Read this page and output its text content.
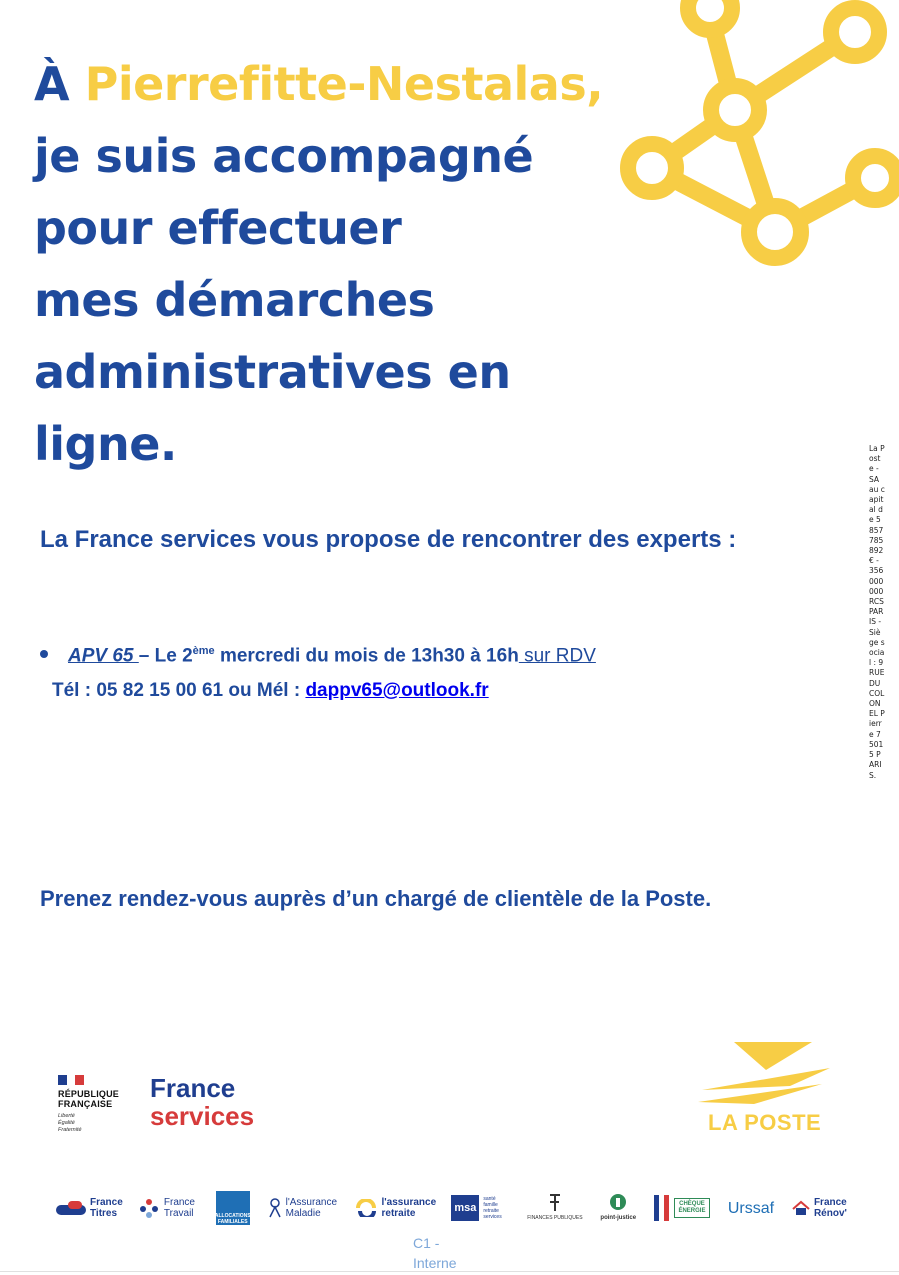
À Pierrefitte-Nestalas,
je suis accompagné
pour effectuer
mes démarches
administratives en
ligne.
La France services vous propose de rencontrer des experts :
APV 65 – Le 2ème mercredi du mois de 13h30 à 16h sur RDV
Tél : 05 82 15 00 61 ou Mél : dappv65@outlook.fr
Prenez rendez-vous auprès d’un chargé de clientèle de la Poste.
La Poste - SA au capital de 5 857 785 892 € - 356 000 000 RCS PARIS - Siège social : 9 RUE DU COLONEL Pierre 75015 PARIS.
RÉPUBLIQUE
FRANÇAISE
Liberté
Égalité
Fraternité
France
services	LA POSTE
France Titres
France Travail	ALLOCATIONS FAMILIALES
l'Assurance Maladie
l'assurance retraite	msa
santé famille retraite services	FINANCES PUBLIQUES	point-justice
CHÈQUE ÉNERGIE Urssaf	France Rénov'
C1 -
Interne
